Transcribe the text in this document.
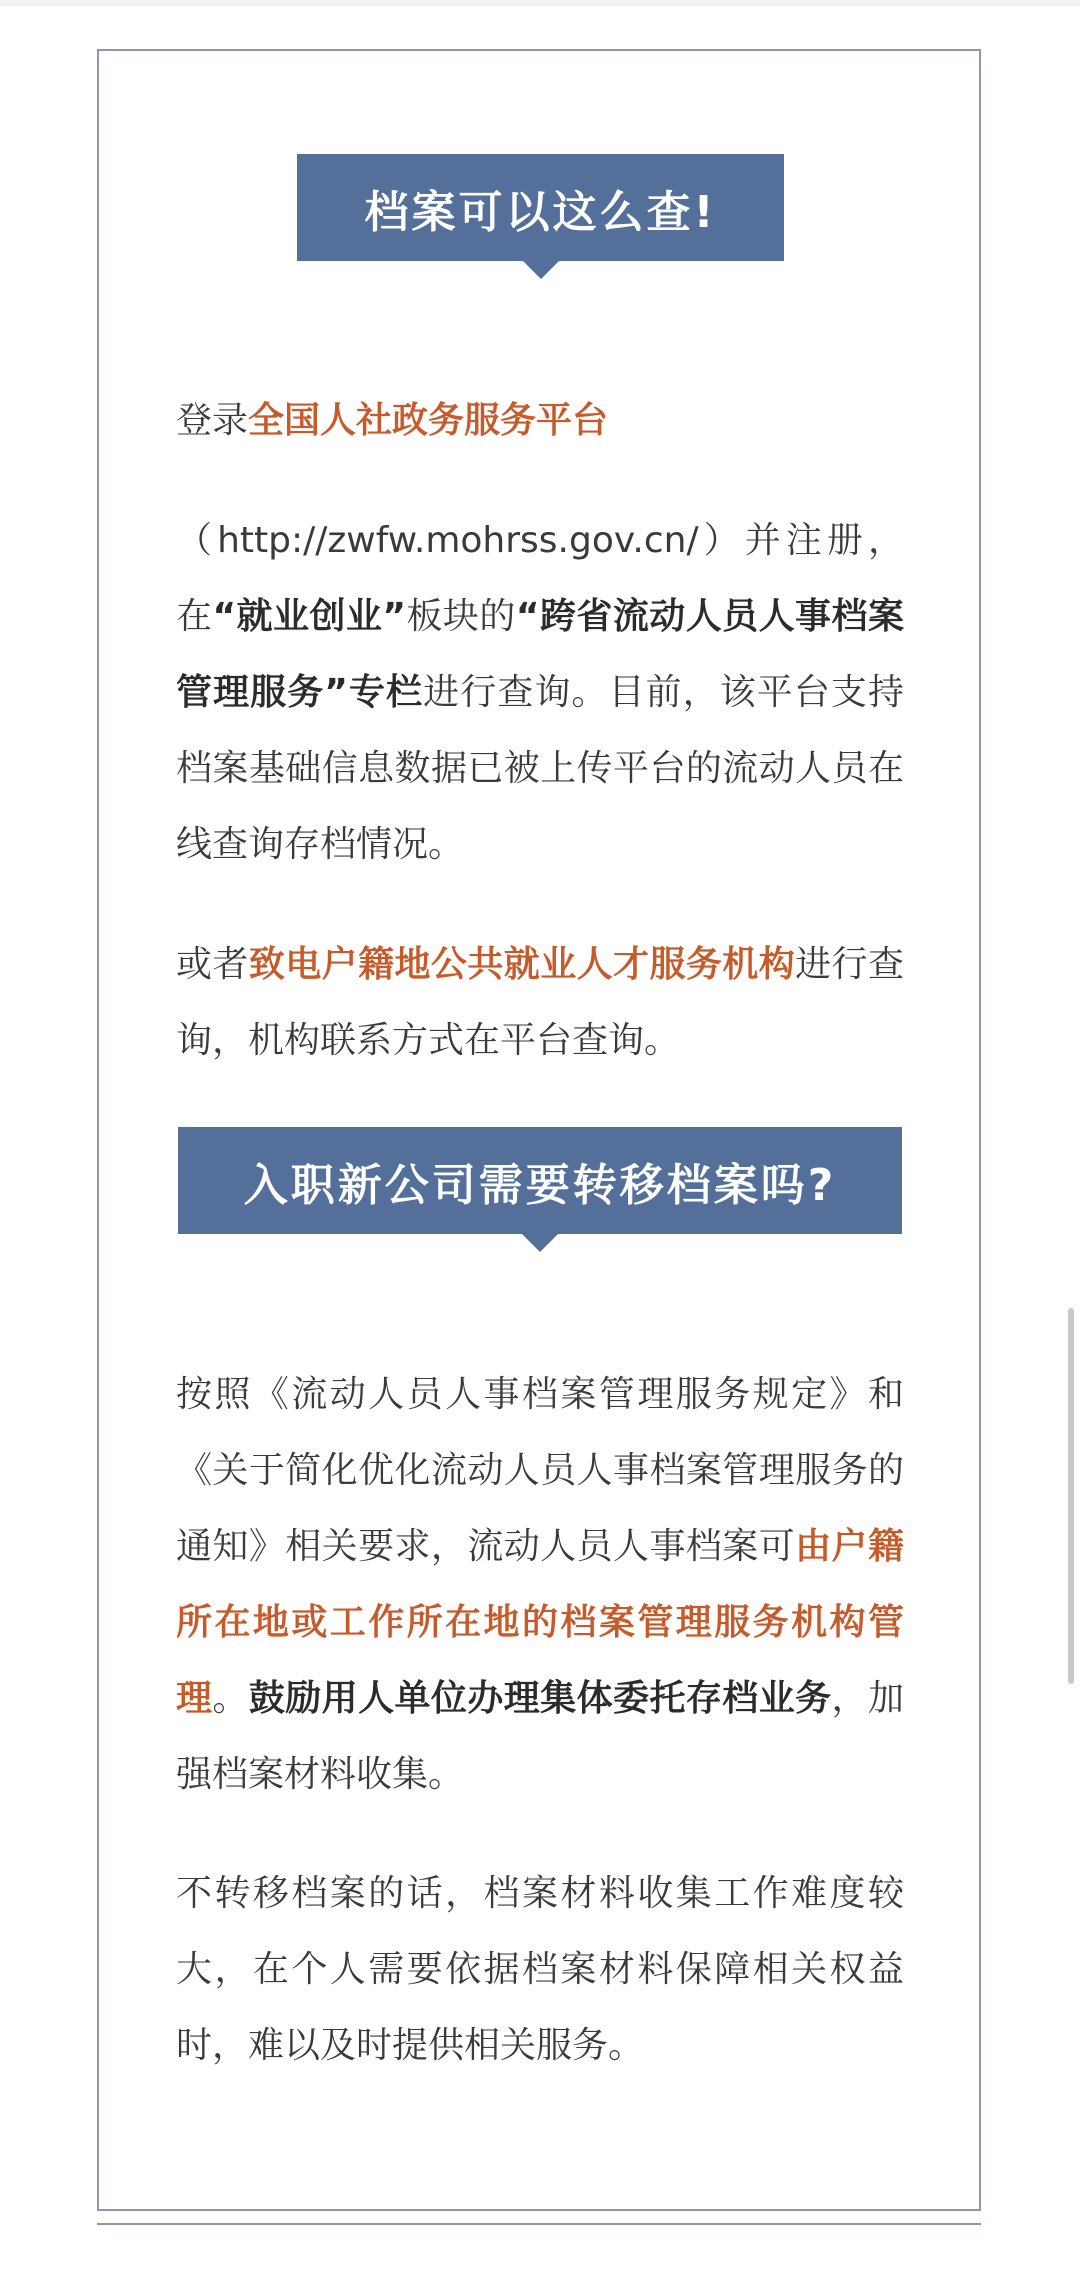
档案可以这么查!

登录全国人社政务服务平台

（http://zwfw.mohrss.gov.cn/）并注册，在“就业创业”板块的“跨省流动人员人事档案管理服务”专栏进行查询。目前，该平台支持档案基础信息数据已被上传平台的流动人员在线查询存档情况。

或者致电户籍地公共就业人才服务机构进行查询，机构联系方式在平台查询。

入职新公司需要转移档案吗?

按照《流动人员人事档案管理服务规定》和《关于简化优化流动人员人事档案管理服务的通知》相关要求，流动人员人事档案可由户籍所在地或工作所在地的档案管理服务机构管理。鼓励用人单位办理集体委托存档业务，加强档案材料收集。

不转移档案的话，档案材料收集工作难度较大，在个人需要依据档案材料保障相关权益时，难以及时提供相关服务。
